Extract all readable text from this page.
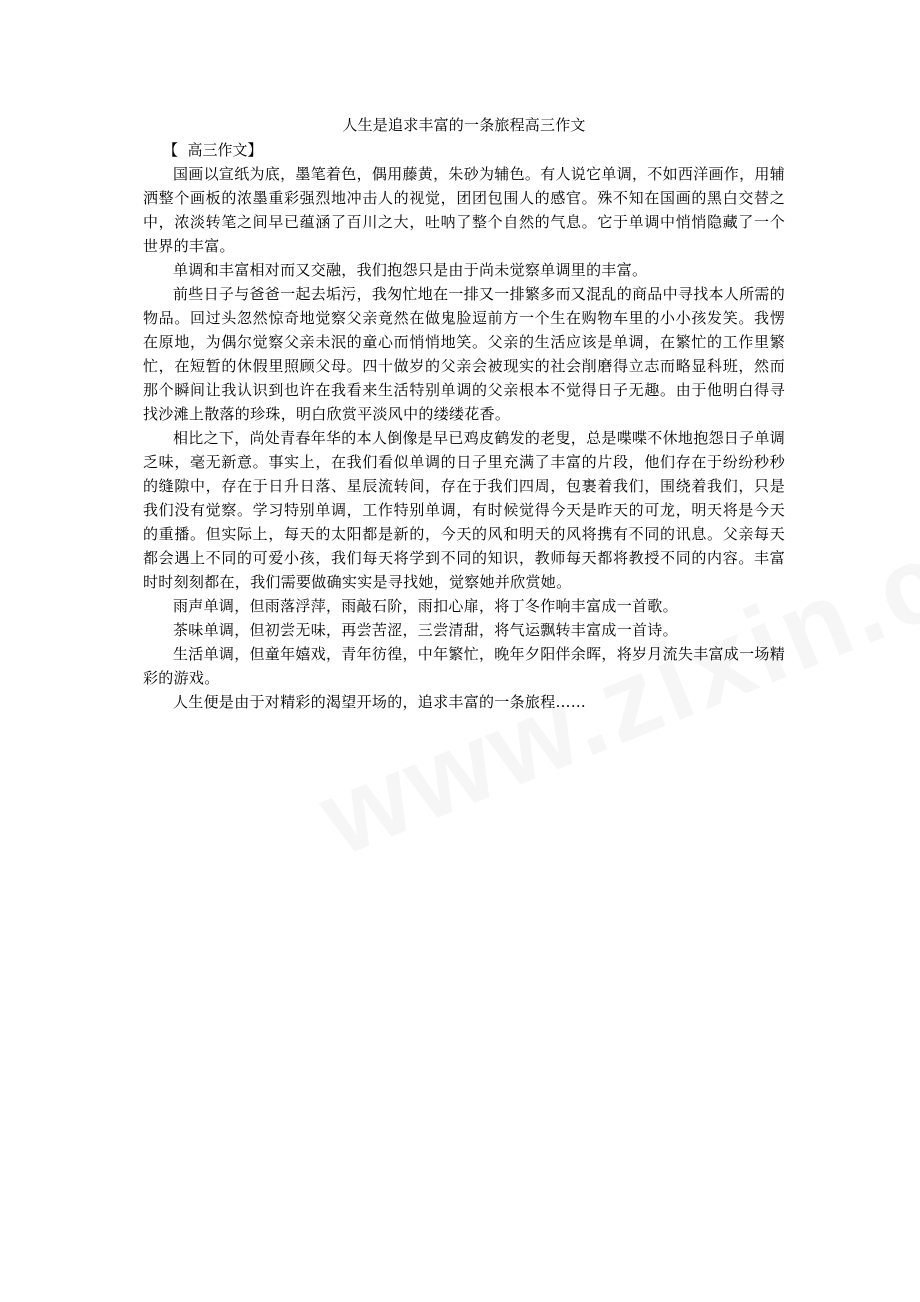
人生是追求丰富的一条旅程高三作文

【  高三作文】

国画以宣纸为底，墨笔着色，偶用藤黄，朱砂为辅色。有人说它单调，不如西洋画作，用辅洒整个画板的浓墨重彩强烈地冲击人的视觉，团团包围人的感官。殊不知在国画的黑白交替之中，浓淡转笔之间早已蕴涵了百川之大，吐呐了整个自然的气息。它于单调中悄悄隐藏了一个世界的丰富。

单调和丰富相对而又交融，我们抱怨只是由于尚未觉察单调里的丰富。

前些日子与爸爸一起去垢污，我匆忙地在一排又一排繁多而又混乱的商品中寻找本人所需的物品。回过头忽然惊奇地觉察父亲竟然在做鬼脸逗前方一个生在购物车里的小小孩发笑。我愣在原地，为偶尔觉察父亲未泯的童心而悄悄地笑。父亲的生活应该是单调，在繁忙的工作里繁忙，在短暂的休假里照顾父母。四十做岁的父亲会被现实的社会削磨得立志而略显科班，然而那个瞬间让我认识到也许在我看来生活特别单调的父亲根本不觉得日子无趣。由于他明白得寻找沙滩上散落的珍珠，明白欣赏平淡风中的缕缕花香。

相比之下，尚处青春年华的本人倒像是早已鸡皮鹤发的老叟，总是喋喋不休地抱怨日子单调乏味，毫无新意。事实上，在我们看似单调的日子里充满了丰富的片段，他们存在于纷纷秒秒的缝隙中，存在于日升日落、星辰流转间，存在于我们四周，包裹着我们，围绕着我们，只是我们没有觉察。学习特别单调，工作特别单调，有时候觉得今天是昨天的可龙，明天将是今天的重播。但实际上，每天的太阳都是新的，今天的风和明天的风将携有不同的讯息。父亲每天都会遇上不同的可爱小孩，我们每天将学到不同的知识，教师每天都将教授不同的内容。丰富时时刻刻都在，我们需要做确实实是寻找她，觉察她并欣赏她。

雨声单调，但雨落浮萍，雨敲石阶，雨扣心扉，将丁冬作响丰富成一首歌。

茶味单调，但初尝无味，再尝苦涩，三尝清甜，将气运飘转丰富成一首诗。

生活单调，但童年嬉戏，青年彷徨，中年繁忙，晚年夕阳伴余晖，将岁月流失丰富成一场精彩的游戏。

人生便是由于对精彩的渴望开场的，追求丰富的一条旅程……
